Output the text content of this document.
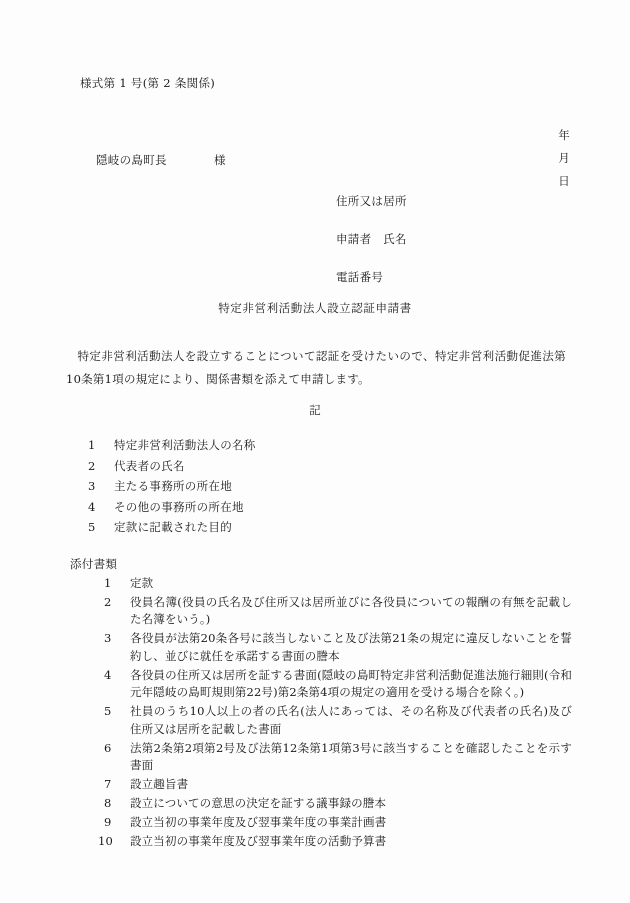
様式第 1 号(第 2 条関係)

年

月

日

隠岐の島町長　　　　様
住所又は居所
申請者　氏名
電話番号
特定非営利活動法人設立認証申請書
特定非営利活動法人を設立することについて認証を受けたいので、特定非営利活動促進法第10条第1項の規定により、関係書類を添えて申請します。
記
1	特定非営利活動法人の名称
2	代表者の氏名
3	主たる事務所の所在地
4	その他の事務所の所在地
5	定款に記載された目的
添付書類
1	定款
2	役員名簿(役員の氏名及び住所又は居所並びに各役員についての報酬の有無を記載した名簿をいう。)
3	各役員が法第20条各号に該当しないこと及び法第21条の規定に違反しないことを誓約し、並びに就任を承諾する書面の謄本
4	各役員の住所又は居所を証する書面(隠岐の島町特定非営利活動促進法施行細則(令和元年隠岐の島町規則第22号)第2条第4項の規定の適用を受ける場合を除く。)
5	社員のうち10人以上の者の氏名(法人にあっては、その名称及び代表者の氏名)及び住所又は居所を記載した書面
6	法第2条第2項第2号及び法第12条第1項第3号に該当することを確認したことを示す書面
7	設立趣旨書
8	設立についての意思の決定を証する議事録の謄本
9	設立当初の事業年度及び翌事業年度の事業計画書
10	設立当初の事業年度及び翌事業年度の活動予算書
